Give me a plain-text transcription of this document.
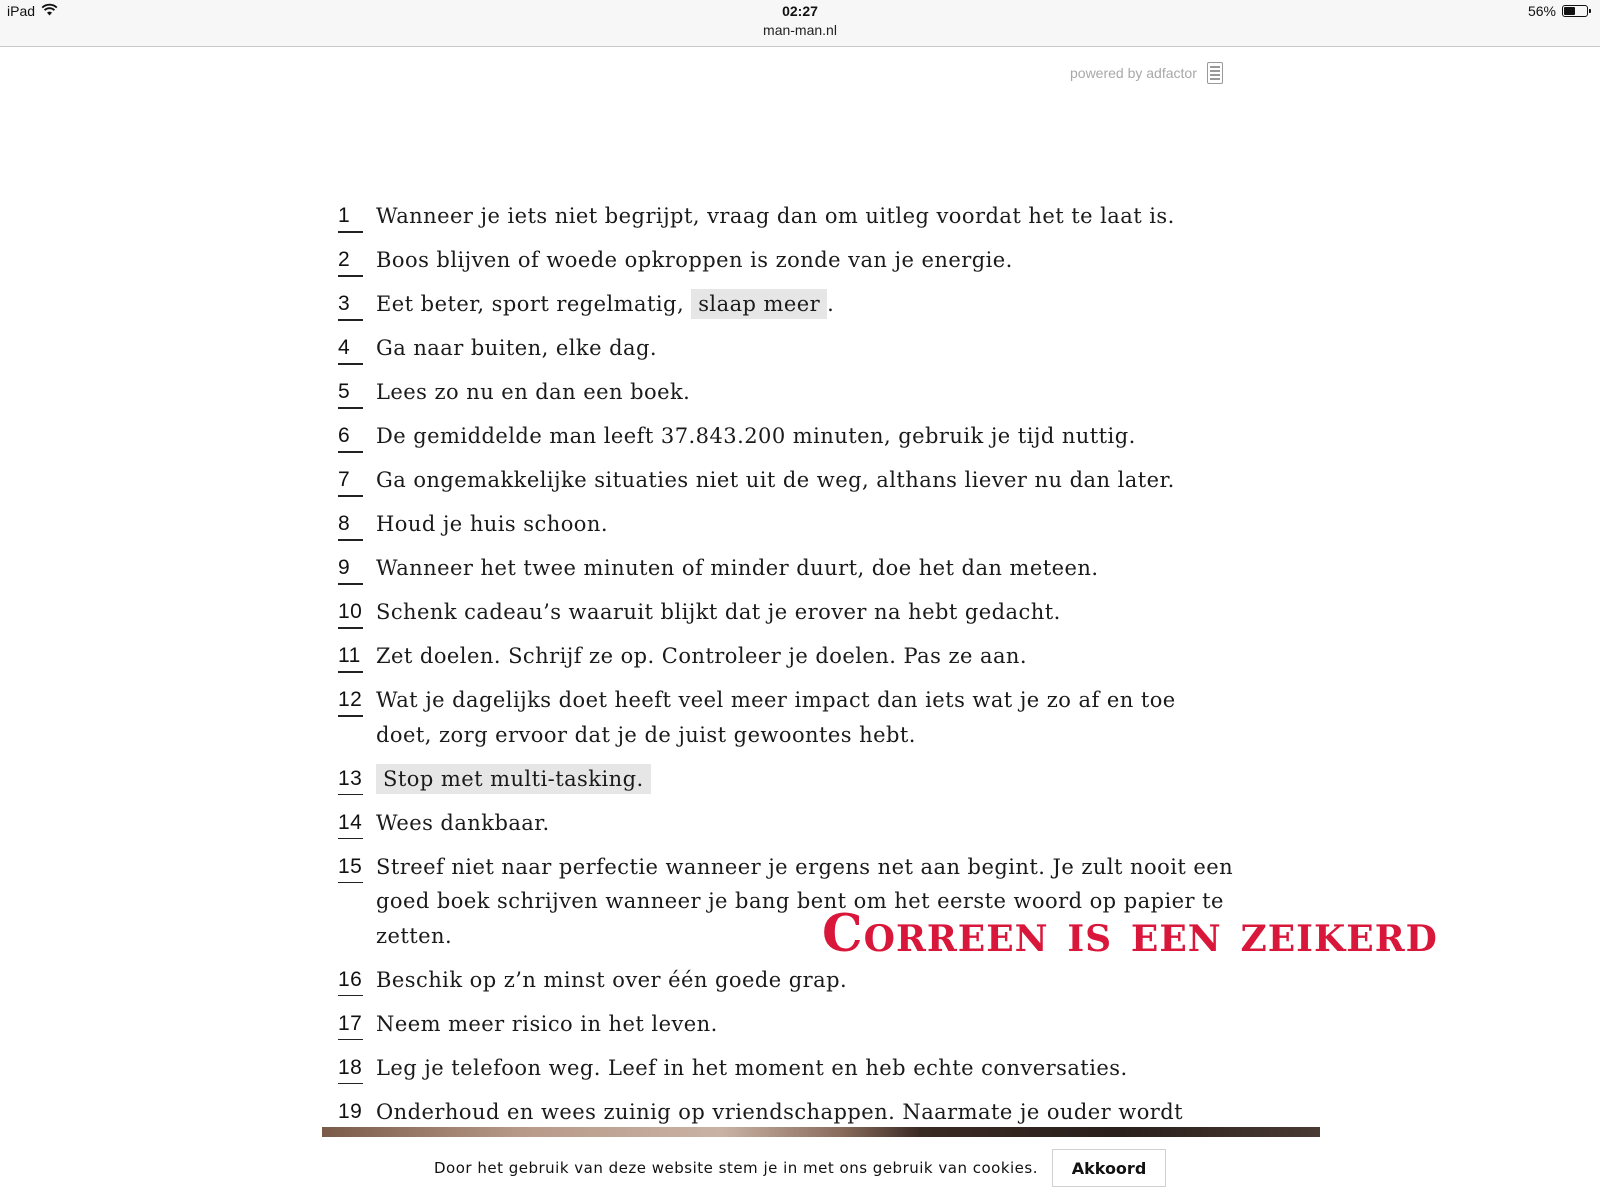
iPad	02:27
man-man.nl
56%
powered by adfactor
1	Wanneer je iets niet begrijpt, vraag dan om uitleg voordat het te laat is.
2	Boos blijven of woede opkroppen is zonde van je energie.
3	Eet beter, sport regelmatig, slaap meer .
4	Ga naar buiten, elke dag.
5	Lees zo nu en dan een boek.
6	De gemiddelde man leeft 37.843.200 minuten, gebruik je tijd nuttig.
7	Ga ongemakkelijke situaties niet uit de weg, althans liever nu dan later.
8	Houd je huis schoon.
9	Wanneer het twee minuten of minder duurt, doe het dan meteen.
10 Schenk cadeau’s waaruit blijkt dat je erover na hebt gedacht.
11 Zet doelen. Schrijf ze op. Controleer je doelen. Pas ze aan.
12 Wat je dagelijks doet heeft veel meer impact dan iets wat je zo af en toe doet, zorg ervoor dat je de juist gewoontes hebt.
13 Stop met multi-tasking.
14 Wees dankbaar.
15 Streef niet naar perfectie wanneer je ergens net aan begint. Je zult nooit een goed boek schrijven wanneer je bang bent om het eerste woord op papier te zetten.
16 Beschik op z’n minst over één goede grap.
17 Neem meer risico in het leven.
18 Leg je telefoon weg. Leef in het moment en heb echte conversaties.
19 Onderhoud en wees zuinig op vriendschappen. Naarmate je ouder wordt
Correen is een zeikerd
Door het gebruik van deze website stem je in met ons gebruik van cookies.	Akkoord
